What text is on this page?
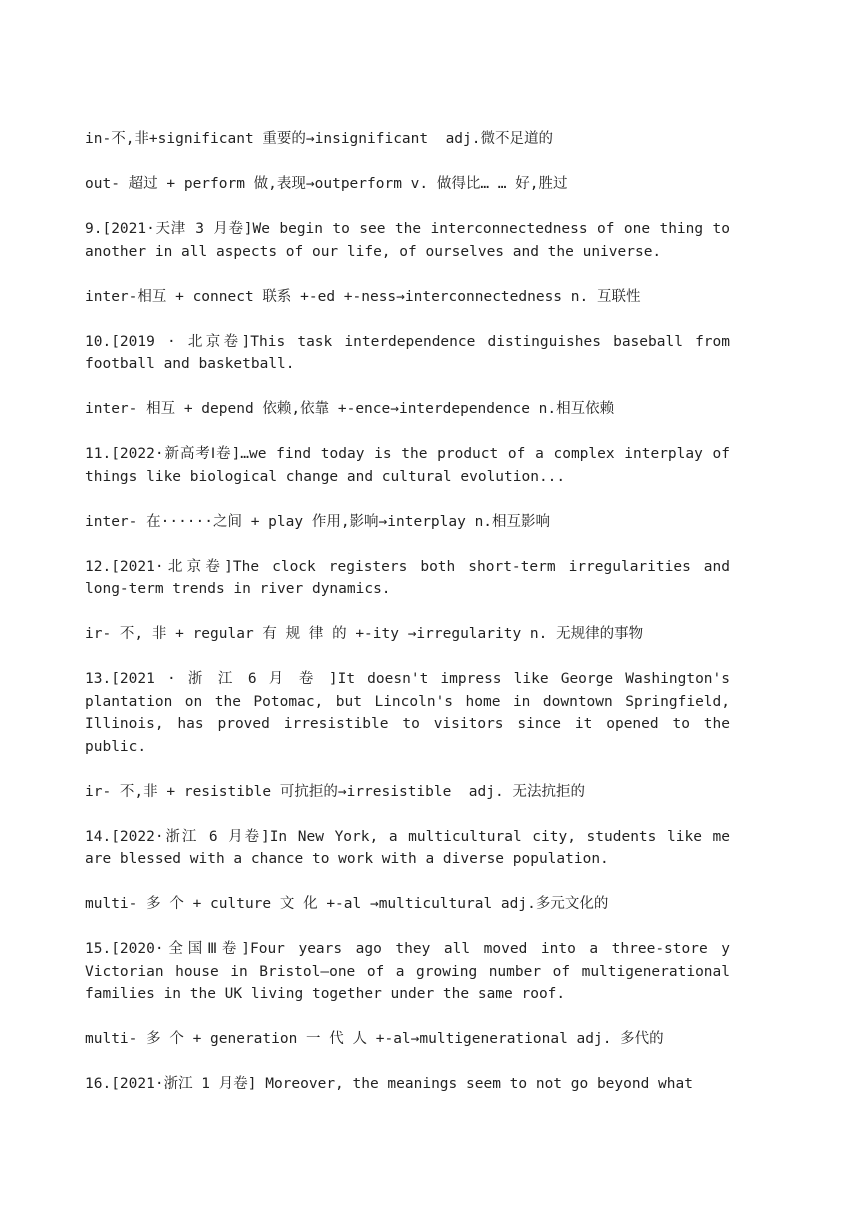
in-不,非+significant 重要的→insignificant  adj.微不足道的

out- 超过 + perform 做,表现→outperform v. 做得比… … 好,胜过

9.[2021·天津 3 月卷]We begin to see the interconnectedness of one thing to another in all aspects of our life, of ourselves and the universe.

inter-相互 + connect 联系 +-ed +-ness→interconnectedness n. 互联性

10.[2019 · 北京卷]This task interdependence distinguishes baseball from football and basketball.

inter- 相互 + depend 依赖,依靠 +-ence→interdependence n.相互依赖

11.[2022·新高考Ⅰ卷]…we find today is the product of a complex interplay of things like biological change and cultural evolution...

inter- 在······之间 + play 作用,影响→interplay n.相互影响

12.[2021·北京卷]The clock registers both short-term irregularities and long-term trends in river dynamics.

ir- 不, 非 + regular 有 规 律 的 +-ity →irregularity n. 无规律的事物

13.[2021 · 浙 江 6 月 卷 ]It doesn't impress like George Washington's plantation on the Potomac, but Lincoln's home in downtown Springfield, Illinois, has proved irresistible to visitors since it opened to the public.

ir- 不,非 + resistible 可抗拒的→irresistible  adj. 无法抗拒的

14.[2022·浙江 6 月卷]In New York, a multicultural city, students like me are blessed with a chance to work with a diverse population.

multi- 多 个 + culture 文 化 +-al →multicultural adj.多元文化的

15.[2020·全国Ⅲ卷]Four years ago they all moved into a three-store y Victorian house in Bristol—one of a growing number of multigenerational families in the UK living together under the same roof.

multi- 多 个 + generation 一 代 人 +-al→multigenerational adj. 多代的

16.[2021·浙江 1 月卷] Moreover, the meanings seem to not go beyond what
